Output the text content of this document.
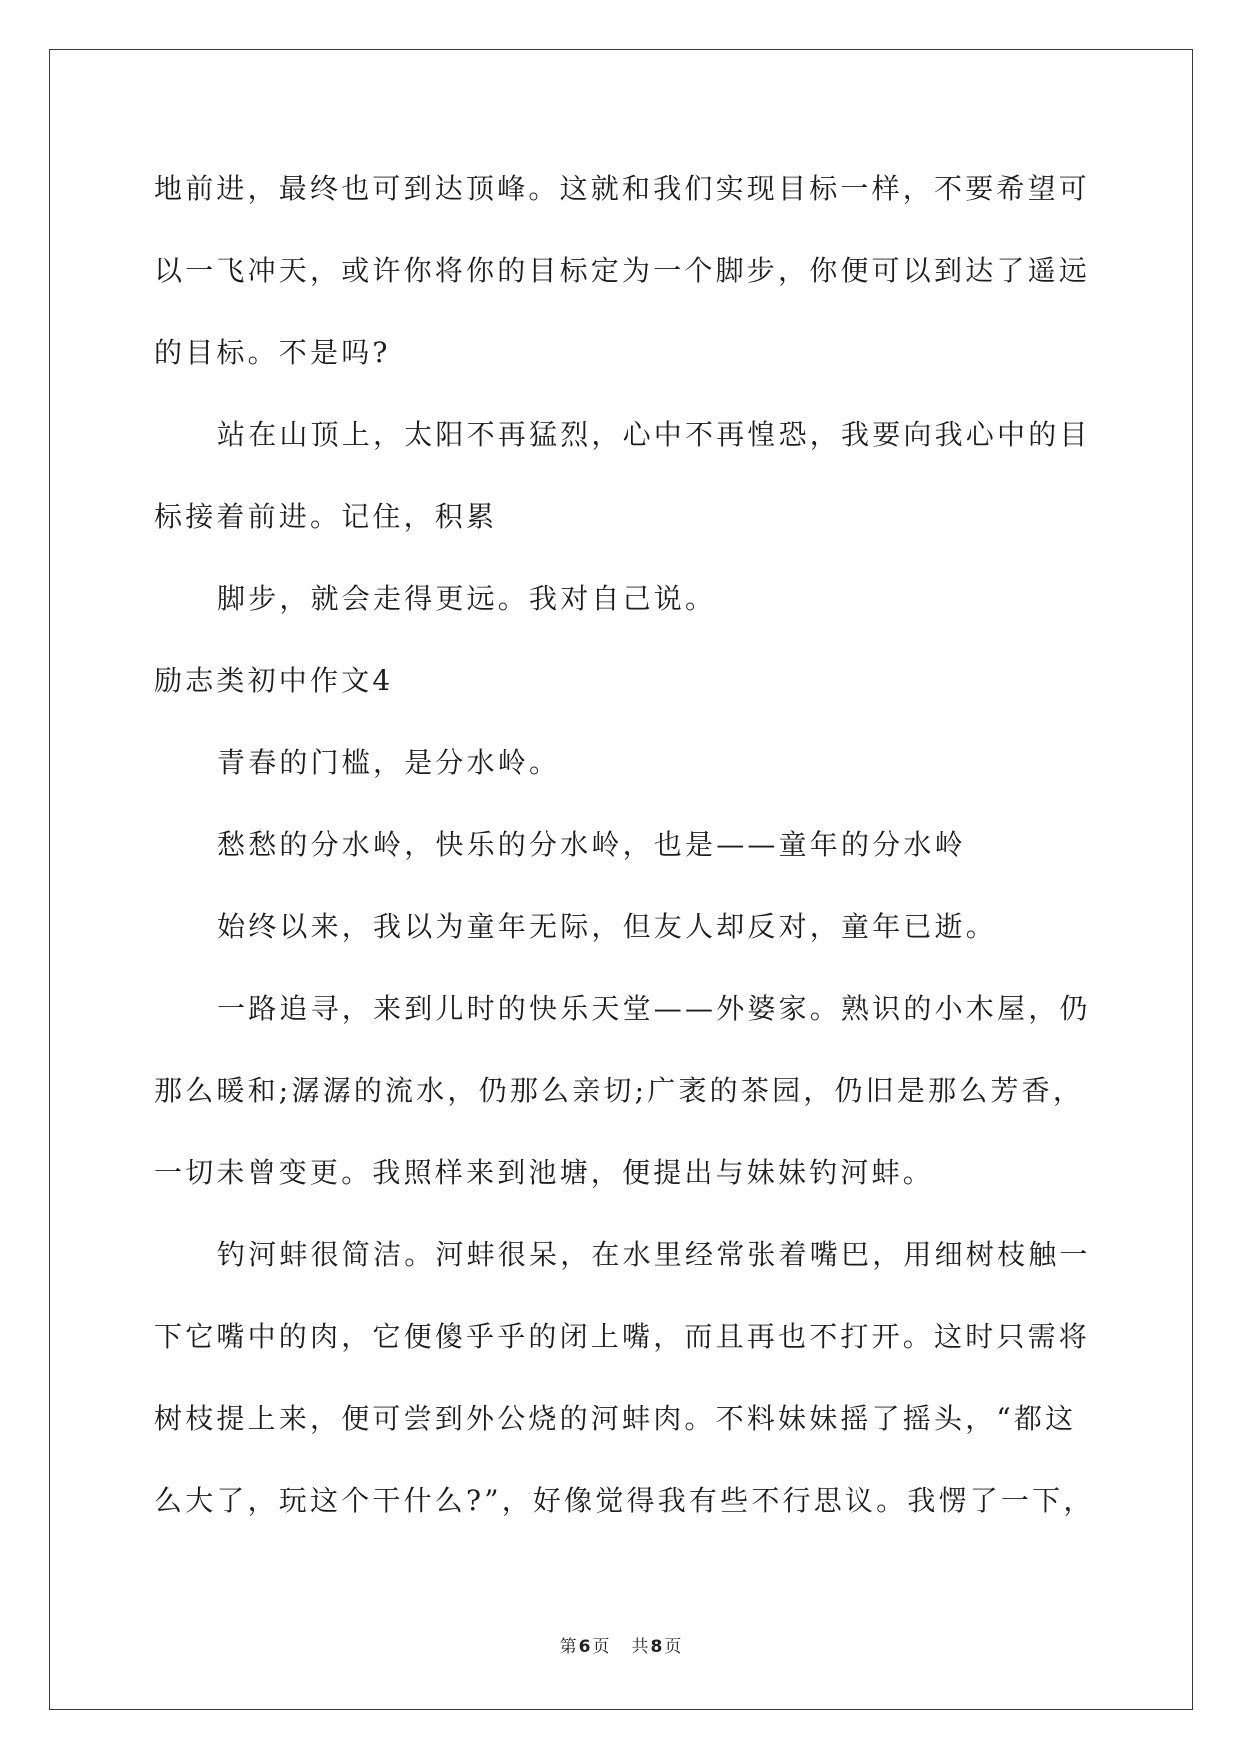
地前进，最终也可到达顶峰。这就和我们实现目标一样，不要希望可

以一飞冲天，或许你将你的目标定为一个脚步，你便可以到达了遥远

的目标。不是吗?

站在山顶上，太阳不再猛烈，心中不再惶恐，我要向我心中的目

标接着前进。记住，积累

脚步，就会走得更远。我对自己说。

励志类初中作文4

青春的门槛，是分水岭。

愁愁的分水岭，快乐的分水岭，也是——童年的分水岭

始终以来，我以为童年无际，但友人却反对，童年已逝。

一路追寻，来到儿时的快乐天堂——外婆家。熟识的小木屋，仍

那么暖和;潺潺的流水，仍那么亲切;广袤的茶园，仍旧是那么芳香，

一切未曾变更。我照样来到池塘，便提出与妹妹钓河蚌。

钓河蚌很简洁。河蚌很呆，在水里经常张着嘴巴，用细树枝触一

下它嘴中的肉，它便傻乎乎的闭上嘴，而且再也不打开。这时只需将

树枝提上来，便可尝到外公烧的河蚌肉。不料妹妹摇了摇头，“都这

么大了，玩这个干什么?”，好像觉得我有些不行思议。我愣了一下，

第 6 页 共 8 页
